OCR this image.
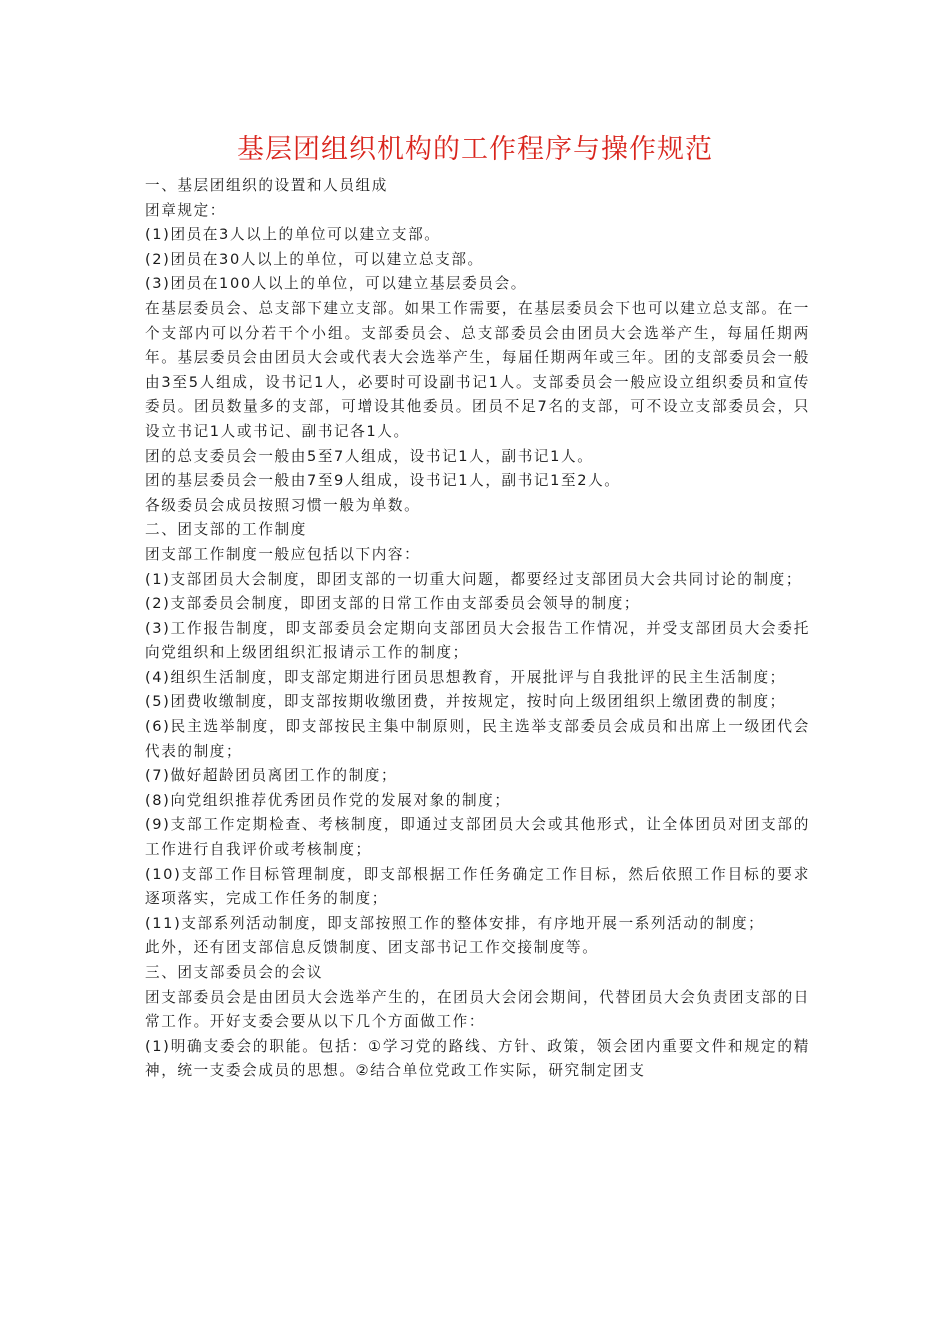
基层团组织机构的工作程序与操作规范

一、基层团组织的设置和人员组成

团章规定：

(1)团员在3人以上的单位可以建立支部。

(2)团员在30人以上的单位，可以建立总支部。

(3)团员在100人以上的单位，可以建立基层委员会。

在基层委员会、总支部下建立支部。如果工作需要，在基层委员会下也可以建立总支部。在一个支部内可以分若干个小组。支部委员会、总支部委员会由团员大会选举产生，每届任期两年。基层委员会由团员大会或代表大会选举产生，每届任期两年或三年。团的支部委员会一般由3至5人组成，设书记1人，必要时可设副书记1人。支部委员会一般应设立组织委员和宣传委员。团员数量多的支部，可增设其他委员。团员不足7名的支部，可不设立支部委员会，只设立书记1人或书记、副书记各1人。

团的总支委员会一般由5至7人组成，设书记1人，副书记1人。

团的基层委员会一般由7至9人组成，设书记1人，副书记1至2人。

各级委员会成员按照习惯一般为单数。

二、团支部的工作制度

团支部工作制度一般应包括以下内容：

(1)支部团员大会制度，即团支部的一切重大问题，都要经过支部团员大会共同讨论的制度；

(2)支部委员会制度，即团支部的日常工作由支部委员会领导的制度；

(3)工作报告制度，即支部委员会定期向支部团员大会报告工作情况，并受支部团员大会委托向党组织和上级团组织汇报请示工作的制度；

(4)组织生活制度，即支部定期进行团员思想教育，开展批评与自我批评的民主生活制度；

(5)团费收缴制度，即支部按期收缴团费，并按规定，按时向上级团组织上缴团费的制度；

(6)民主选举制度，即支部按民主集中制原则，民主选举支部委员会成员和出席上一级团代会代表的制度；

(7)做好超龄团员离团工作的制度；

(8)向党组织推荐优秀团员作党的发展对象的制度；

(9)支部工作定期检查、考核制度，即通过支部团员大会或其他形式，让全体团员对团支部的工作进行自我评价或考核制度；

(10)支部工作目标管理制度，即支部根据工作任务确定工作目标，然后依照工作目标的要求逐项落实，完成工作任务的制度；

(11)支部系列活动制度，即支部按照工作的整体安排，有序地开展一系列活动的制度；

此外，还有团支部信息反馈制度、团支部书记工作交接制度等。

三、团支部委员会的会议

团支部委员会是由团员大会选举产生的，在团员大会闭会期间，代替团员大会负责团支部的日常工作。开好支委会要从以下几个方面做工作：

(1)明确支委会的职能。包括：①学习党的路线、方针、政策，领会团内重要文件和规定的精神，统一支委会成员的思想。②结合单位党政工作实际，研究制定团支
